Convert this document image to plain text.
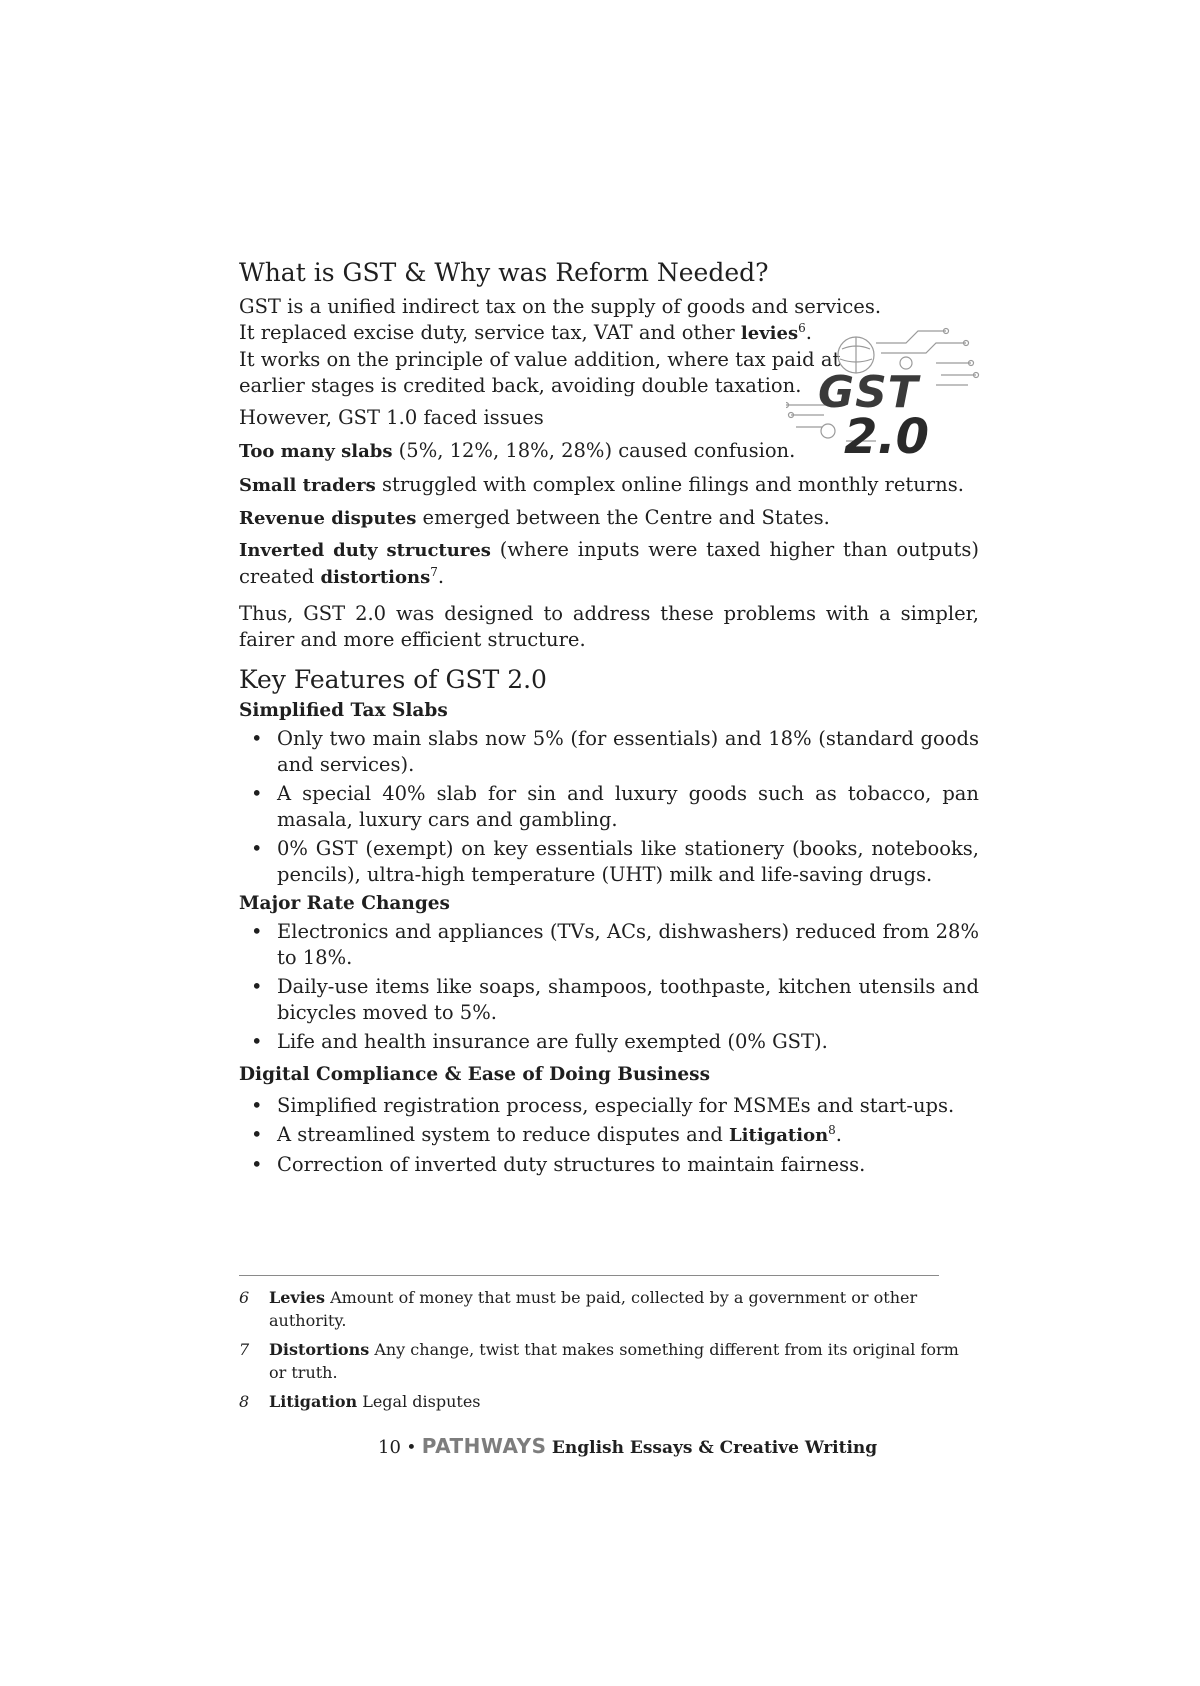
What is GST & Why was Reform Needed?

GST is a unified indirect tax on the supply of goods and services.

It replaced excise duty, service tax, VAT and other levies$^6$.

It works on the principle of value addition, where tax paid at

earlier stages is credited back, avoiding double taxation.

However, GST 1.0 faced issues	GST
2.0

Too many slabs (5%, 12%, 18%, 28%) caused confusion.

Small traders struggled with complex online filings and monthly returns.

Revenue disputes emerged between the Centre and States.

Inverted duty structures (where inputs were taxed higher than outputs) created distortions$^7$.

Thus, GST 2.0 was designed to address these problems with a simpler, fairer and more efficient structure.

Key Features of GST 2.0
Simplified Tax Slabs
• Only two main slabs now 5% (for essentials) and 18% (standard goods and services).
• A special 40% slab for sin and luxury goods such as tobacco, pan masala, luxury cars and gambling.
• 0% GST (exempt) on key essentials like stationery (books, notebooks, pencils), ultra-high temperature (UHT) milk and life-saving drugs.
Major Rate Changes
• Electronics and appliances (TVs, ACs, dishwashers) reduced from 28% to 18%.
• Daily-use items like soaps, shampoos, toothpaste, kitchen utensils and bicycles moved to 5%.
• Life and health insurance are fully exempted (0% GST).
Digital Compliance & Ease of Doing Business
• Simplified registration process, especially for MSMEs and start-ups.
• A streamlined system to reduce disputes and Litigation$^8$.
• Correction of inverted duty structures to maintain fairness.
6 Levies Amount of money that must be paid, collected by a government or other authority.
7 Distortions Any change, twist that makes something different from its original form or truth.
8 Litigation Legal disputes
10 • PATHWAYS English Essays & Creative Writing
